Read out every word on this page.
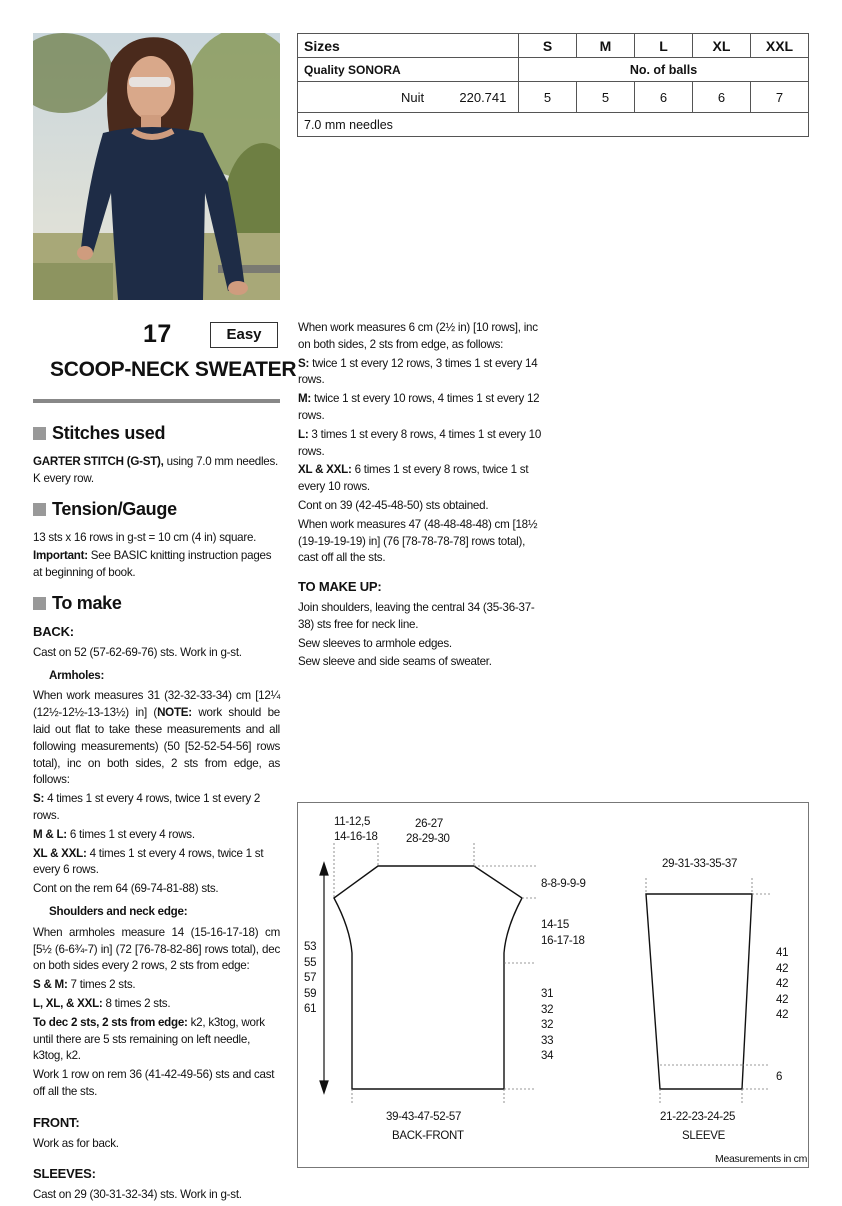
Sizes		S	M	L	XL	XXL
Quality SONORA		No. of balls				
Nuit 220.741		5	5	6	6	7
7.0 mm needles						
17	Easy
SCOOP-NECK SWEATER

Stitches used

GARTER STITCH (G-ST), using 7.0 mm needles. K every row.

Tension/Gauge

13 sts x 16 rows in g-st = 10 cm (4 in) square.

Important: See BASIC knitting instruction pages at beginning of book.

To make

BACK:

Cast on 52 (57-62-69-76) sts. Work in g-st.

Armholes:

When work measures 31 (32-32-33-34) cm [12¼ (12½-12½-13-13½) in] (NOTE: work should be laid out flat to take these measurements and all following measurements) (50 [52-52-54-56] rows total), inc on both sides, 2 sts from edge, as follows:

S: 4 times 1 st every 4 rows, twice 1 st every 2 rows.

M & L: 6 times 1 st every 4 rows.

XL & XXL: 4 times 1 st every 4 rows, twice 1 st every 6 rows.

Cont on the rem 64 (69-74-81-88) sts.

Shoulders and neck edge:

When armholes measure 14 (15-16-17-18) cm [5½ (6-6¾-7) in] (72 [76-78-82-86] rows total), dec on both sides every 2 rows, 2 sts from edge:

S & M: 7 times 2 sts.

L, XL, & XXL: 8 times 2 sts.

To dec 2 sts, 2 sts from edge: k2, k3tog, work until there are 5 sts remaining on left needle, k3tog, k2.

Work 1 row on rem 36 (41-42-49-56) sts and cast off all the sts.

FRONT:

Work as for back.

SLEEVES:

Cast on 29 (30-31-32-34) sts. Work in g-st.

When work measures 6 cm (2½ in) [10 rows], inc on both sides, 2 sts from edge, as follows:

S: twice 1 st every 12 rows, 3 times 1 st every 14 rows.

M: twice 1 st every 10 rows, 4 times 1 st every 12 rows.

L: 3 times 1 st every 8 rows, 4 times 1 st every 10 rows.

XL & XXL: 6 times 1 st every 8 rows, twice 1 st every 10 rows.

Cont on 39 (42-45-48-50) sts obtained.

When work measures 47 (48-48-48-48) cm [18½ (19-19-19-19) in] (76 [78-78-78-78] rows total), cast off all the sts.

TO MAKE UP:

Join shoulders, leaving the central 34 (35-36-37-38) sts free for neck line.

Sew sleeves to armhole edges.

Sew sleeve and side seams of sweater.

11-12,5
14-16-18
26-27
28-29-30
8-8-9-9-9
14-15
16-17-18
53
55
57
59
61
31
32
32
33
34
39-43-47-52-57
BACK-FRONT
29-31-33-35-37
41
42
42
42
42
6
21-22-23-24-25
SLEEVE
Measurements in cm
